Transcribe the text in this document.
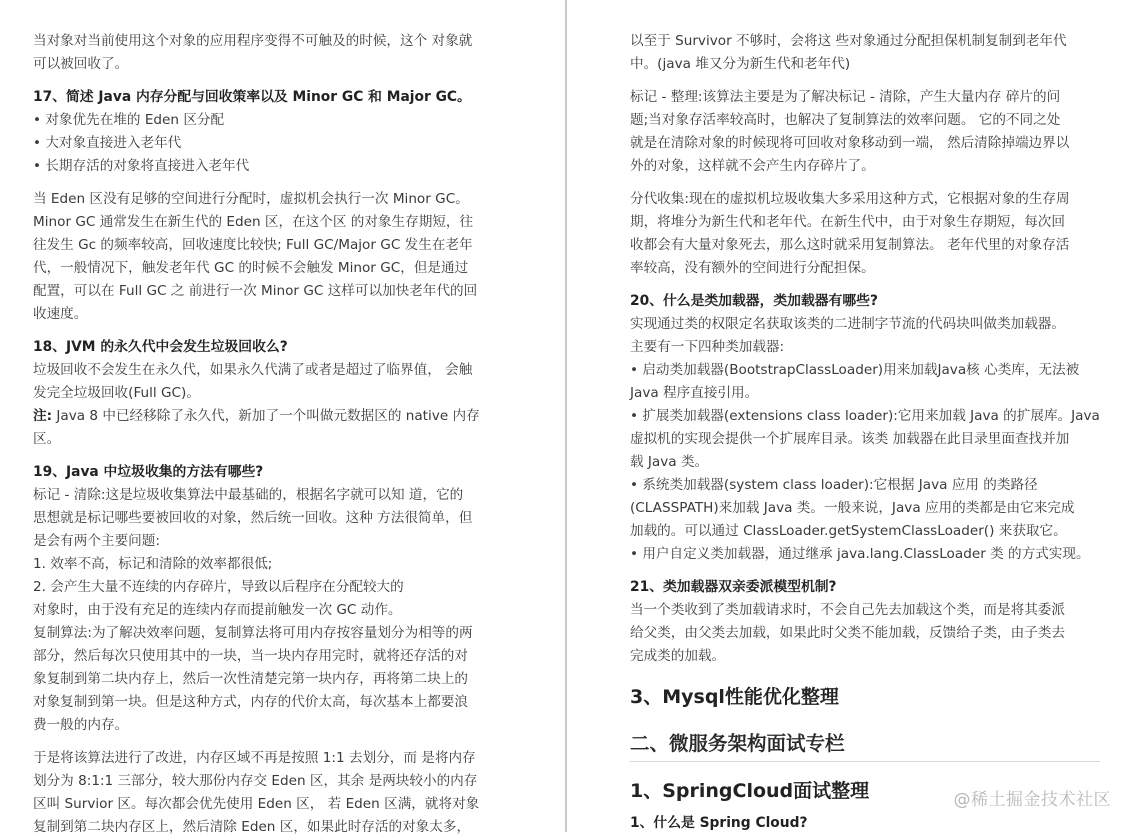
当对象对当前使用这个对象的应用程序变得不可触及的时候，这个 对象就

可以被回收了。

17、简述 Java 内存分配与回收策率以及 Minor GC 和 Major GC。

• 对象优先在堆的 Eden 区分配

• 大对象直接进入老年代

• 长期存活的对象将直接进入老年代

当 Eden 区没有足够的空间进行分配时，虚拟机会执行一次 Minor GC。

Minor GC 通常发生在新生代的 Eden 区，在这个区 的对象生存期短，往

往发生 Gc 的频率较高，回收速度比较快; Full GC/Major GC 发生在老年

代，一般情况下，触发老年代 GC 的时候不会触发 Minor GC，但是通过

配置，可以在 Full GC 之 前进行一次 Minor GC 这样可以加快老年代的回

收速度。

18、JVM 的永久代中会发生垃圾回收么?

垃圾回收不会发生在永久代，如果永久代满了或者是超过了临界值， 会触

发完全垃圾回收(Full GC)。

注: Java 8 中已经移除了永久代，新加了一个叫做元数据区的 native 内存

区。

19、Java 中垃圾收集的方法有哪些?

标记 - 清除:这是垃圾收集算法中最基础的，根据名字就可以知 道，它的

思想就是标记哪些要被回收的对象，然后统一回收。这种 方法很简单，但

是会有两个主要问题:

1. 效率不高，标记和清除的效率都很低;

2. 会产生大量不连续的内存碎片，导致以后程序在分配较大的

对象时，由于没有充足的连续内存而提前触发一次 GC 动作。

复制算法:为了解决效率问题，复制算法将可用内存按容量划分为相等的两

部分，然后每次只使用其中的一块，当一块内存用完时，就将还存活的对

象复制到第二块内存上，然后一次性清楚完第一块内存，再将第二块上的

对象复制到第一块。但是这种方式，内存的代价太高，每次基本上都要浪

费一般的内存。

于是将该算法进行了改进，内存区域不再是按照 1:1 去划分，而 是将内存

划分为 8:1:1 三部分，较大那份内存交 Eden 区，其余 是两块较小的内存

区叫 Survior 区。每次都会优先使用 Eden 区， 若 Eden 区满，就将对象

复制到第二块内存区上，然后清除 Eden 区，如果此时存活的对象太多，

以至于 Survivor 不够时，会将这 些对象通过分配担保机制复制到老年代

中。(java 堆又分为新生代和老年代)

标记 - 整理:该算法主要是为了解决标记 - 清除，产生大量内存 碎片的问

题;当对象存活率较高时，也解决了复制算法的效率问题。 它的不同之处

就是在清除对象的时候现将可回收对象移动到一端， 然后清除掉端边界以

外的对象，这样就不会产生内存碎片了。

分代收集:现在的虚拟机垃圾收集大多采用这种方式，它根据对象的生存周

期，将堆分为新生代和老年代。在新生代中，由于对象生存期短，每次回

收都会有大量对象死去，那么这时就采用复制算法。 老年代里的对象存活

率较高，没有额外的空间进行分配担保。

20、什么是类加载器，类加载器有哪些?

实现通过类的权限定名获取该类的二进制字节流的代码块叫做类加载器。

主要有一下四种类加载器:

• 启动类加载器(BootstrapClassLoader)用来加载Java核 心类库，无法被

Java 程序直接引用。

• 扩展类加载器(extensions class loader):它用来加载 Java 的扩展库。Java

虚拟机的实现会提供一个扩展库目录。该类 加载器在此目录里面查找并加

载 Java 类。

• 系统类加载器(system class loader):它根据 Java 应用 的类路径

(CLASSPATH)来加载 Java 类。一般来说，Java 应用的类都是由它来完成

加载的。可以通过 ClassLoader.getSystemClassLoader() 来获取它。

• 用户自定义类加载器，通过继承 java.lang.ClassLoader 类 的方式实现。

21、类加载器双亲委派模型机制?

当一个类收到了类加载请求时，不会自己先去加载这个类，而是将其委派

给父类，由父类去加载，如果此时父类不能加载，反馈给子类，由子类去

完成类的加载。

3、Mysql性能优化整理
二、微服务架构面试专栏
1、SpringCloud面试整理
1、什么是 Spring Cloud?
@稀土掘金技术社区
